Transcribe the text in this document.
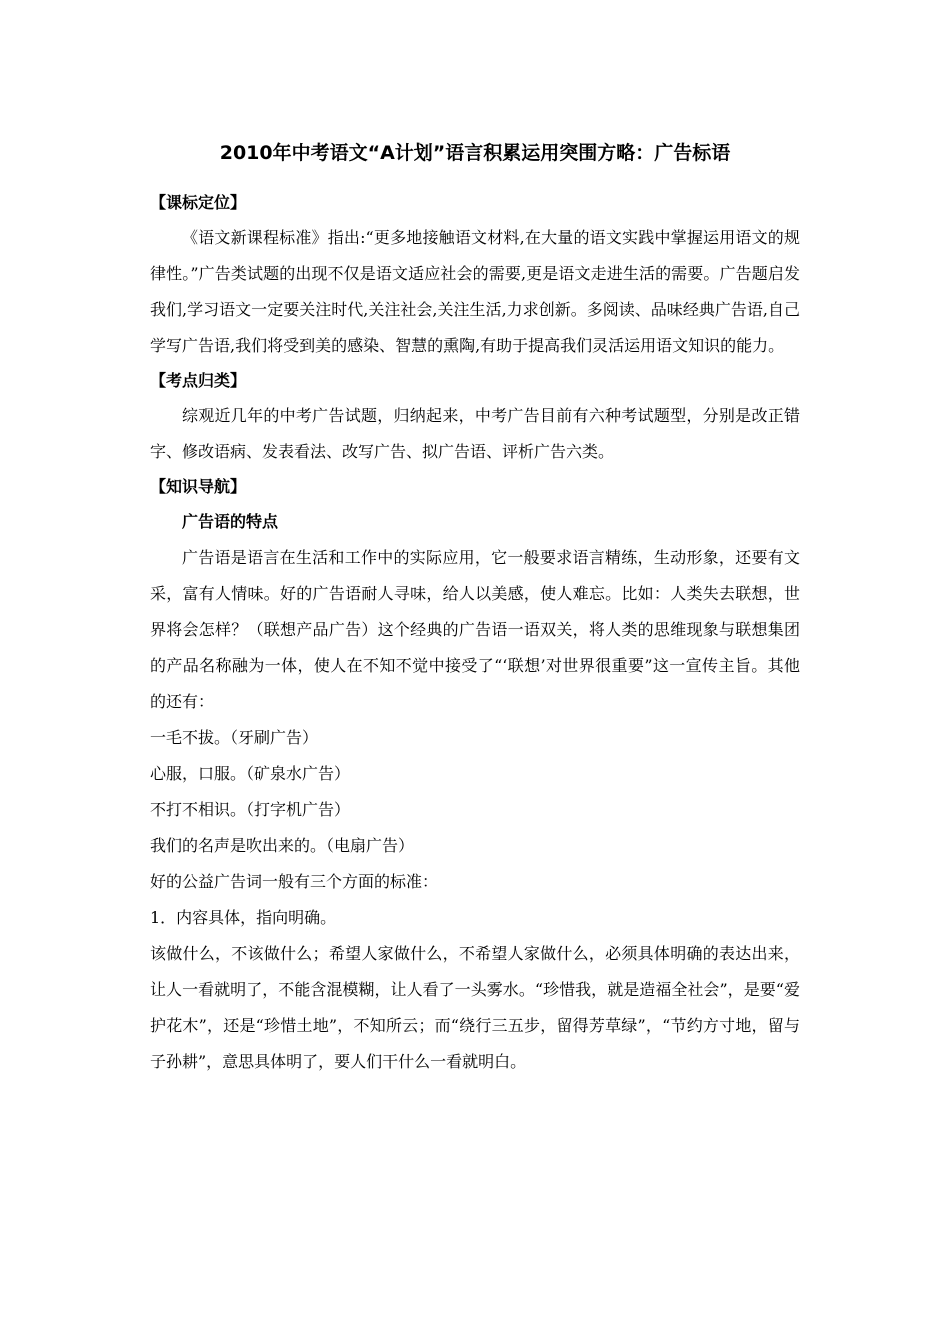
2010年中考语文“A计划”语言积累运用突围方略：广告标语
【课标定位】

《语文新课程标准》指出:“更多地接触语文材料,在大量的语文实践中掌握运用语文的规律性。”广告类试题的出现不仅是语文适应社会的需要,更是语文走进生活的需要。广告题启发我们,学习语文一定要关注时代,关注社会,关注生活,力求创新。多阅读、品味经典广告语,自己学写广告语,我们将受到美的感染、智慧的熏陶,有助于提高我们灵活运用语文知识的能力。

【考点归类】

综观近几年的中考广告试题，归纳起来，中考广告目前有六种考试题型，分别是改正错字、修改语病、发表看法、改写广告、拟广告语、评析广告六类。

【知识导航】
广告语的特点

广告语是语言在生活和工作中的实际应用，它一般要求语言精练，生动形象，还要有文采，富有人情味。好的广告语耐人寻味，给人以美感，使人难忘。比如：人类失去联想，世界将会怎样？（联想产品广告）这个经典的广告语一语双关，将人类的思维现象与联想集团的产品名称融为一体，使人在不知不觉中接受了“‘联想’对世界很重要”这一宣传主旨。其他的还有：

一毛不拔。（牙刷广告）

心服，口服。（矿泉水广告）

不打不相识。（打字机广告）

我们的名声是吹出来的。（电扇广告）

好的公益广告词一般有三个方面的标准：

1．内容具体，指向明确。

该做什么，不该做什么；希望人家做什么，不希望人家做什么，必须具体明确的表达出来，让人一看就明了，不能含混模糊，让人看了一头雾水。“珍惜我，就是造福全社会”，是要“爱护花木”，还是“珍惜土地”，不知所云；而“绕行三五步，留得芳草绿”，“节约方寸地，留与子孙耕”，意思具体明了，要人们干什么一看就明白。
